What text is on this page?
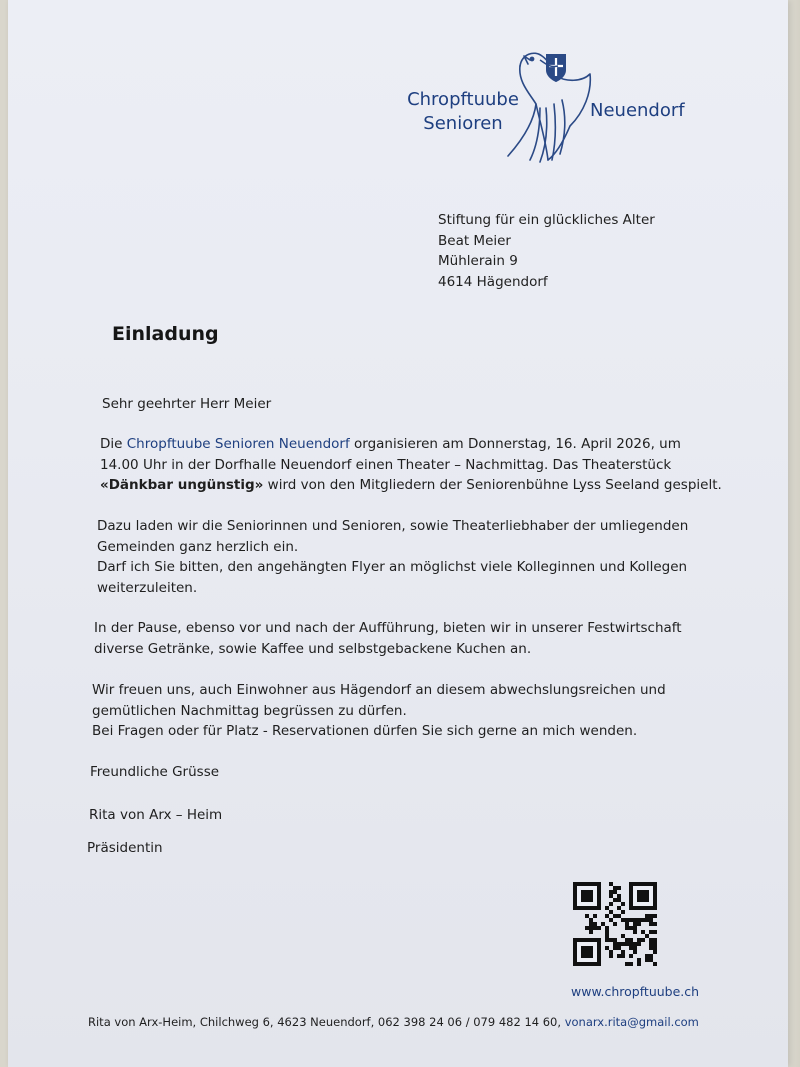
Chropftuube
Senioren
Neuendorf
Stiftung für ein glückliches Alter
Beat Meier
Mühlerain 9
4614 Hägendorf
Einladung
Sehr geehrter Herr Meier
Die Chropftuube Senioren Neuendorf organisieren am Donnerstag, 16. April 2026, um
14.00 Uhr in der Dorfhalle Neuendorf einen Theater – Nachmittag. Das Theaterstück
«Dänkbar ungünstig» wird von den Mitgliedern der Seniorenbühne Lyss Seeland gespielt.
Dazu laden wir die Seniorinnen und Senioren, sowie Theaterliebhaber der umliegenden
Gemeinden ganz herzlich ein.
Darf ich Sie bitten, den angehängten Flyer an möglichst viele Kolleginnen und Kollegen
weiterzuleiten.
In der Pause, ebenso vor und nach der Aufführung, bieten wir in unserer Festwirtschaft
diverse Getränke, sowie Kaffee und selbstgebackene Kuchen an.
Wir freuen uns, auch Einwohner aus Hägendorf an diesem abwechslungsreichen und
gemütlichen Nachmittag begrüssen zu dürfen.
Bei Fragen oder für Platz - Reservationen dürfen Sie sich gerne an mich wenden.
Freundliche Grüsse
Rita von Arx – Heim
Präsidentin
www.chropftuube.ch
Rita von Arx-Heim, Chilchweg 6, 4623 Neuendorf, 062 398 24 06 / 079 482 14 60, vonarx.rita@gmail.com
